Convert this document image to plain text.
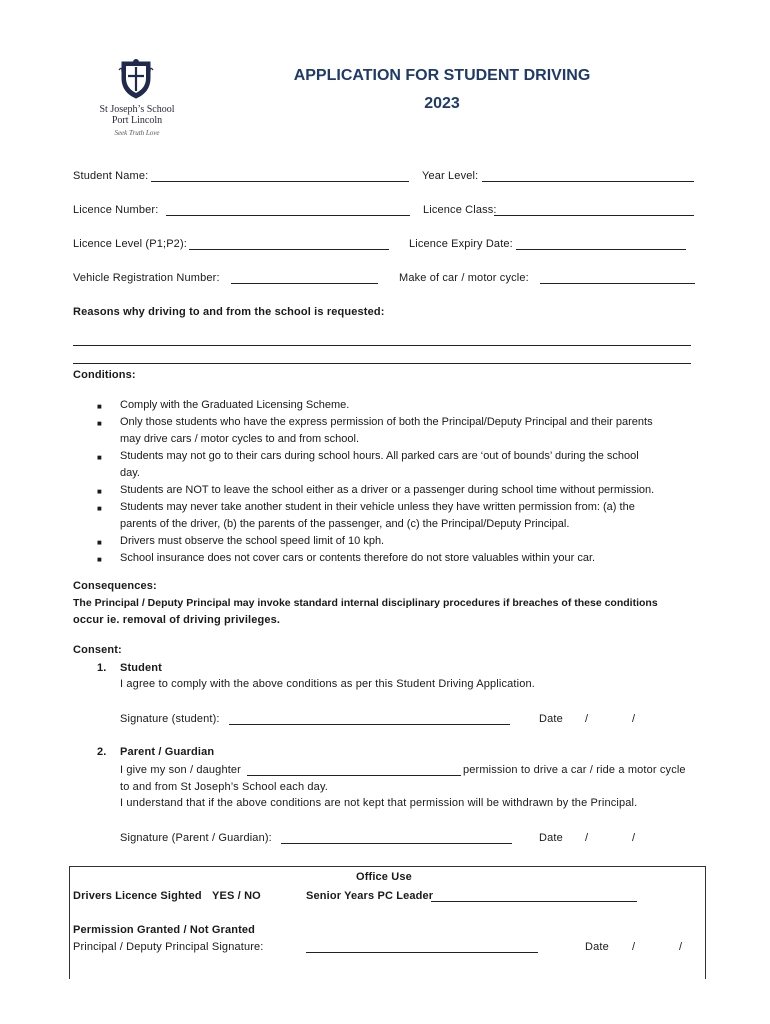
St Joseph’s School
Port Lincoln
Seek Truth Love
APPLICATION FOR STUDENT DRIVING
2023
Student Name:	Year Level:
Licence Number:	Licence Class:
Licence Level (P1;P2):	Licence Expiry Date:
Vehicle Registration Number:	Make of car / motor cycle:
Reasons why driving to and from the school is requested:
Conditions:
■ Comply with the Graduated Licensing Scheme.
■ Only those students who have the express permission of both the Principal/Deputy Principal and their parents
may drive cars / motor cycles to and from school.
■ Students may not go to their cars during school hours. All parked cars are ‘out of bounds’ during the school
day.
■ Students are NOT to leave the school either as a driver or a passenger during school time without permission.
■ Students may never take another student in their vehicle unless they have written permission from: (a) the
parents of the driver, (b) the parents of the passenger, and (c) the Principal/Deputy Principal.
■ Drivers must observe the school speed limit of 10 kph.
■ School insurance does not cover cars or contents therefore do not store valuables within your car.
Consequences:
The Principal / Deputy Principal may invoke standard internal disciplinary procedures if breaches of these conditions
occur ie. removal of driving privileges.
Consent:
1. Student
I agree to comply with the above conditions as per this Student Driving Application.
Signature (student):	Date /	/
2. Parent / Guardian
I give my son / daughter	permission to drive a car / ride a motor cycle
to and from St Joseph’s School each day.
I understand that if the above conditions are not kept that permission will be withdrawn by the Principal.
Signature (Parent / Guardian):	Date /	/
Office Use
Drivers Licence Sighted YES / NO	Senior Years PC Leader
Permission Granted / Not Granted
Principal / Deputy Principal Signature:	Date /	/
